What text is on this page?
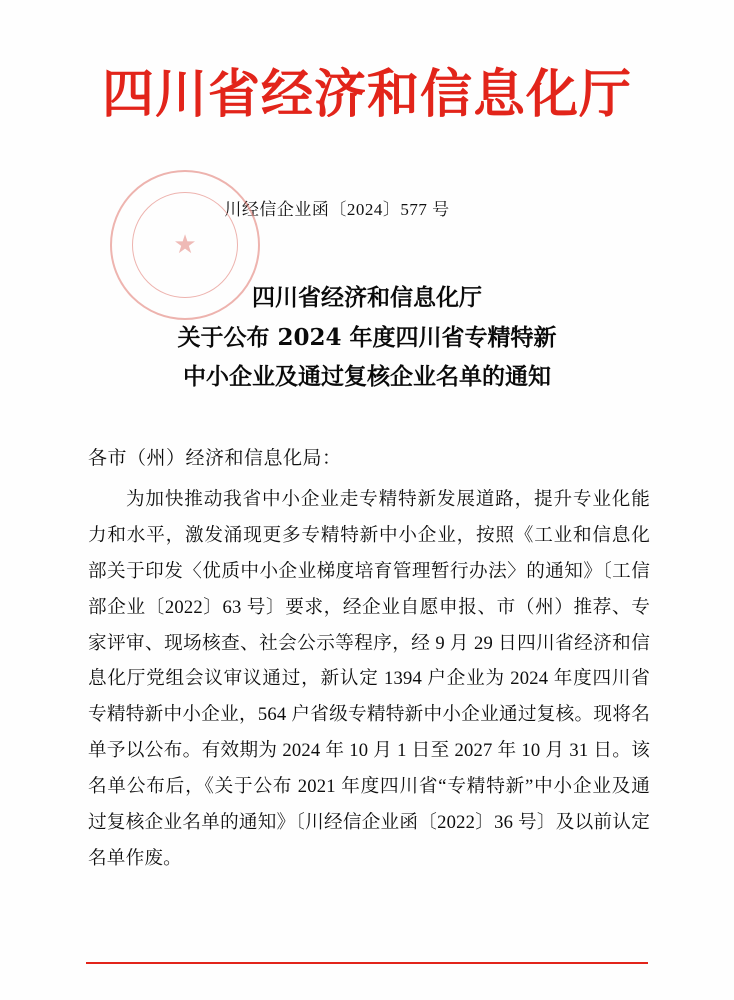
四川省经济和信息化厅
川经信企业函〔2024〕577 号
★
四川省经济和信息化厅
关于公布 2024 年度四川省专精特新
中小企业及通过复核企业名单的通知
各市（州）经济和信息化局：
为加快推动我省中小企业走专精特新发展道路，提升专业化能力和水平，激发涌现更多专精特新中小企业，按照《工业和信息化部关于印发〈优质中小企业梯度培育管理暂行办法〉的通知》〔工信部企业〔2022〕63 号〕要求，经企业自愿申报、市（州）推荐、专家评审、现场核查、社会公示等程序，经 9 月 29 日四川省经济和信息化厅党组会议审议通过，新认定 1394 户企业为 2024 年度四川省专精特新中小企业，564 户省级专精特新中小企业通过复核。现将名单予以公布。有效期为 2024 年 10 月 1 日至 2027 年 10 月 31 日。该名单公布后，《关于公布 2021 年度四川省“专精特新”中小企业及通过复核企业名单的通知》〔川经信企业函〔2022〕36 号〕及以前认定名单作废。
